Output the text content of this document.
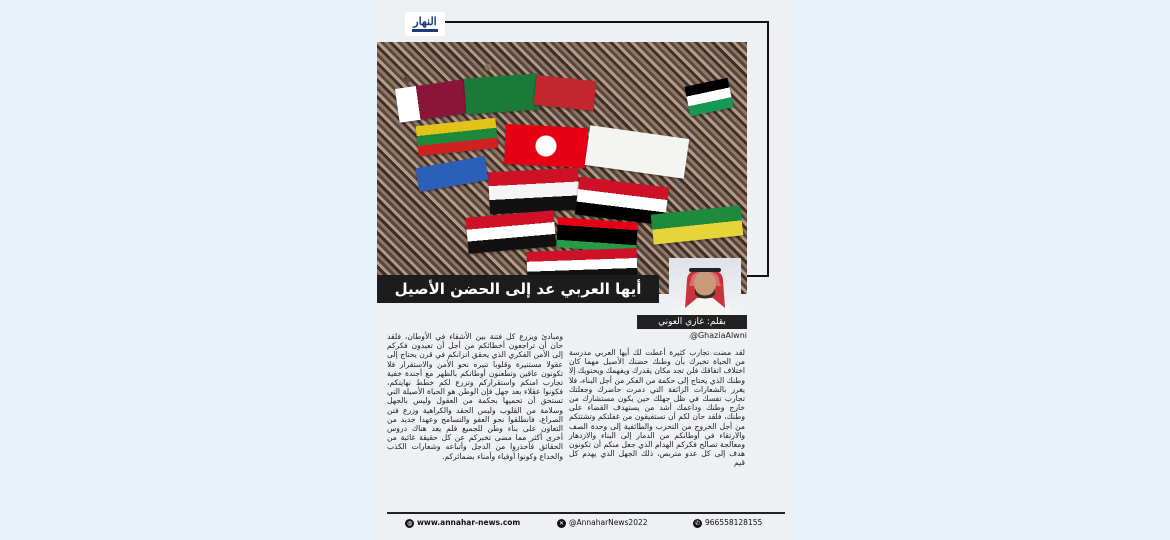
النهار
أيها العربي عد إلى الحضن الأصيل
بقلم: غازي العوني
@GhaziaAlwni
لقد مضت تجارب كثيرة أعطت لك أيها العربي مدرسة من الحياة تخبرك بأن وطنك حضنك الأصيل مهما كان اختلاف اتفاقك فلن تجد مكان يقدرك ويفهمك ويحتويك إلا وطنك الذي يحتاج إلى حكمة من الفكر من أجل البناء، فلا يغرر بالشعارات الزائفة التي دمرت حاضرك وجعلتك تجارب تفسك في ظل جهلك حين يكون مستشارك من خارج وطنك وداعمك أشد من يستهدف القضاء على وطنك، فلقد حان لكم أن تستفيقون من غفلتكم وتشتتكم من أجل الخروج من التحزب والطائفية إلى وحدة الصف والارتقاء في أوطانكم من الدمار إلى البناء والازدهار ومعالجة تصالح فكركم الهدام الذي جعل منكم أن تكونون هدف إلى كل عدو متربص، ذلك الجهل الذي يهدم كل قيم
ومبادئ ويزرع كل فتنة بين الأشقاء في الأوطان، فلقد حان أن تراجعون أخطائكم من أجل أن تعيدون فكركم إلى الأمن الفكري الذي يحقق اتزانكم في قرن يحتاج إلى عقولا مستنيرة وقلوبا تنيره نحو الأمن والاستقرار فلا تكونون عاقين وتطعنون أوطانكم بالظهر مع أجندة خفية تحارب امنكم واستقراركم وتزرع لكم خطط نهايتكم، فكونوا عقلاء بعد جهل فإن الوطن هو الحياة الأصيلة التي تستحق أن تحميها بحكمة من العقول وليس بالجهل وسلامة من القلوب وليس الحقد والكراهية وزرع فتن الصراع، فانطلقوا نحو العفو والتسامح وعهدا جديد من التعاون على بناء وطن للجميع فلم يعد هناك دروس أخرى أكثر مما مضى تخبركم عن كل حقيقة غائبة من الحقائق فأحذروا من الدجل وأتباعه وشعارات الكذب والخداع وكونوا أوفياء وأمناء بضمائركم.
◍ www.annahar-news.com	✕ @AnnaharNews2022	✆ 966558128155
